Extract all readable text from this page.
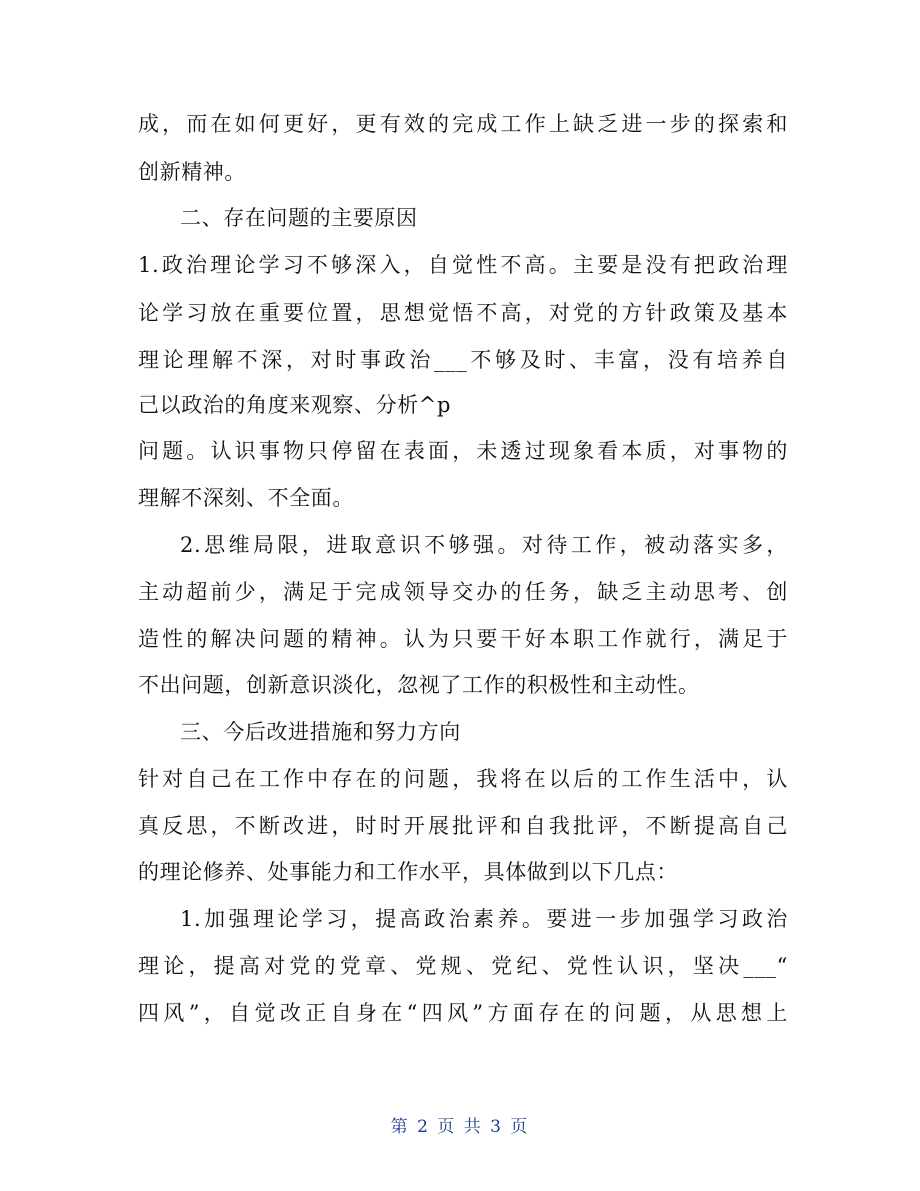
成，而在如何更好，更有效的完成工作上缺乏进一步的探索和
创新精神。
二、存在问题的主要原因
1.政治理论学习不够深入，自觉性不高。主要是没有把政治理
论学习放在重要位置，思想觉悟不高，对党的方针政策及基本
理论理解不深，对时事政治___不够及时、丰富，没有培养自
己以政治的角度来观察、分析^p
问题。认识事物只停留在表面，未透过现象看本质，对事物的
理解不深刻、不全面。
2.思维局限，进取意识不够强。对待工作，被动落实多，
主动超前少，满足于完成领导交办的任务，缺乏主动思考、创
造性的解决问题的精神。认为只要干好本职工作就行，满足于
不出问题，创新意识淡化，忽视了工作的积极性和主动性。
三、今后改进措施和努力方向
针对自己在工作中存在的问题，我将在以后的工作生活中，认
真反思，不断改进，时时开展批评和自我批评，不断提高自己
的理论修养、处事能力和工作水平，具体做到以下几点：
1.加强理论学习，提高政治素养。要进一步加强学习政治
理论，提高对党的党章、党规、党纪、党性认识，坚决___“
四风”，自觉改正自身在“四风”方面存在的问题，从思想上
第 2 页 共 3 页
